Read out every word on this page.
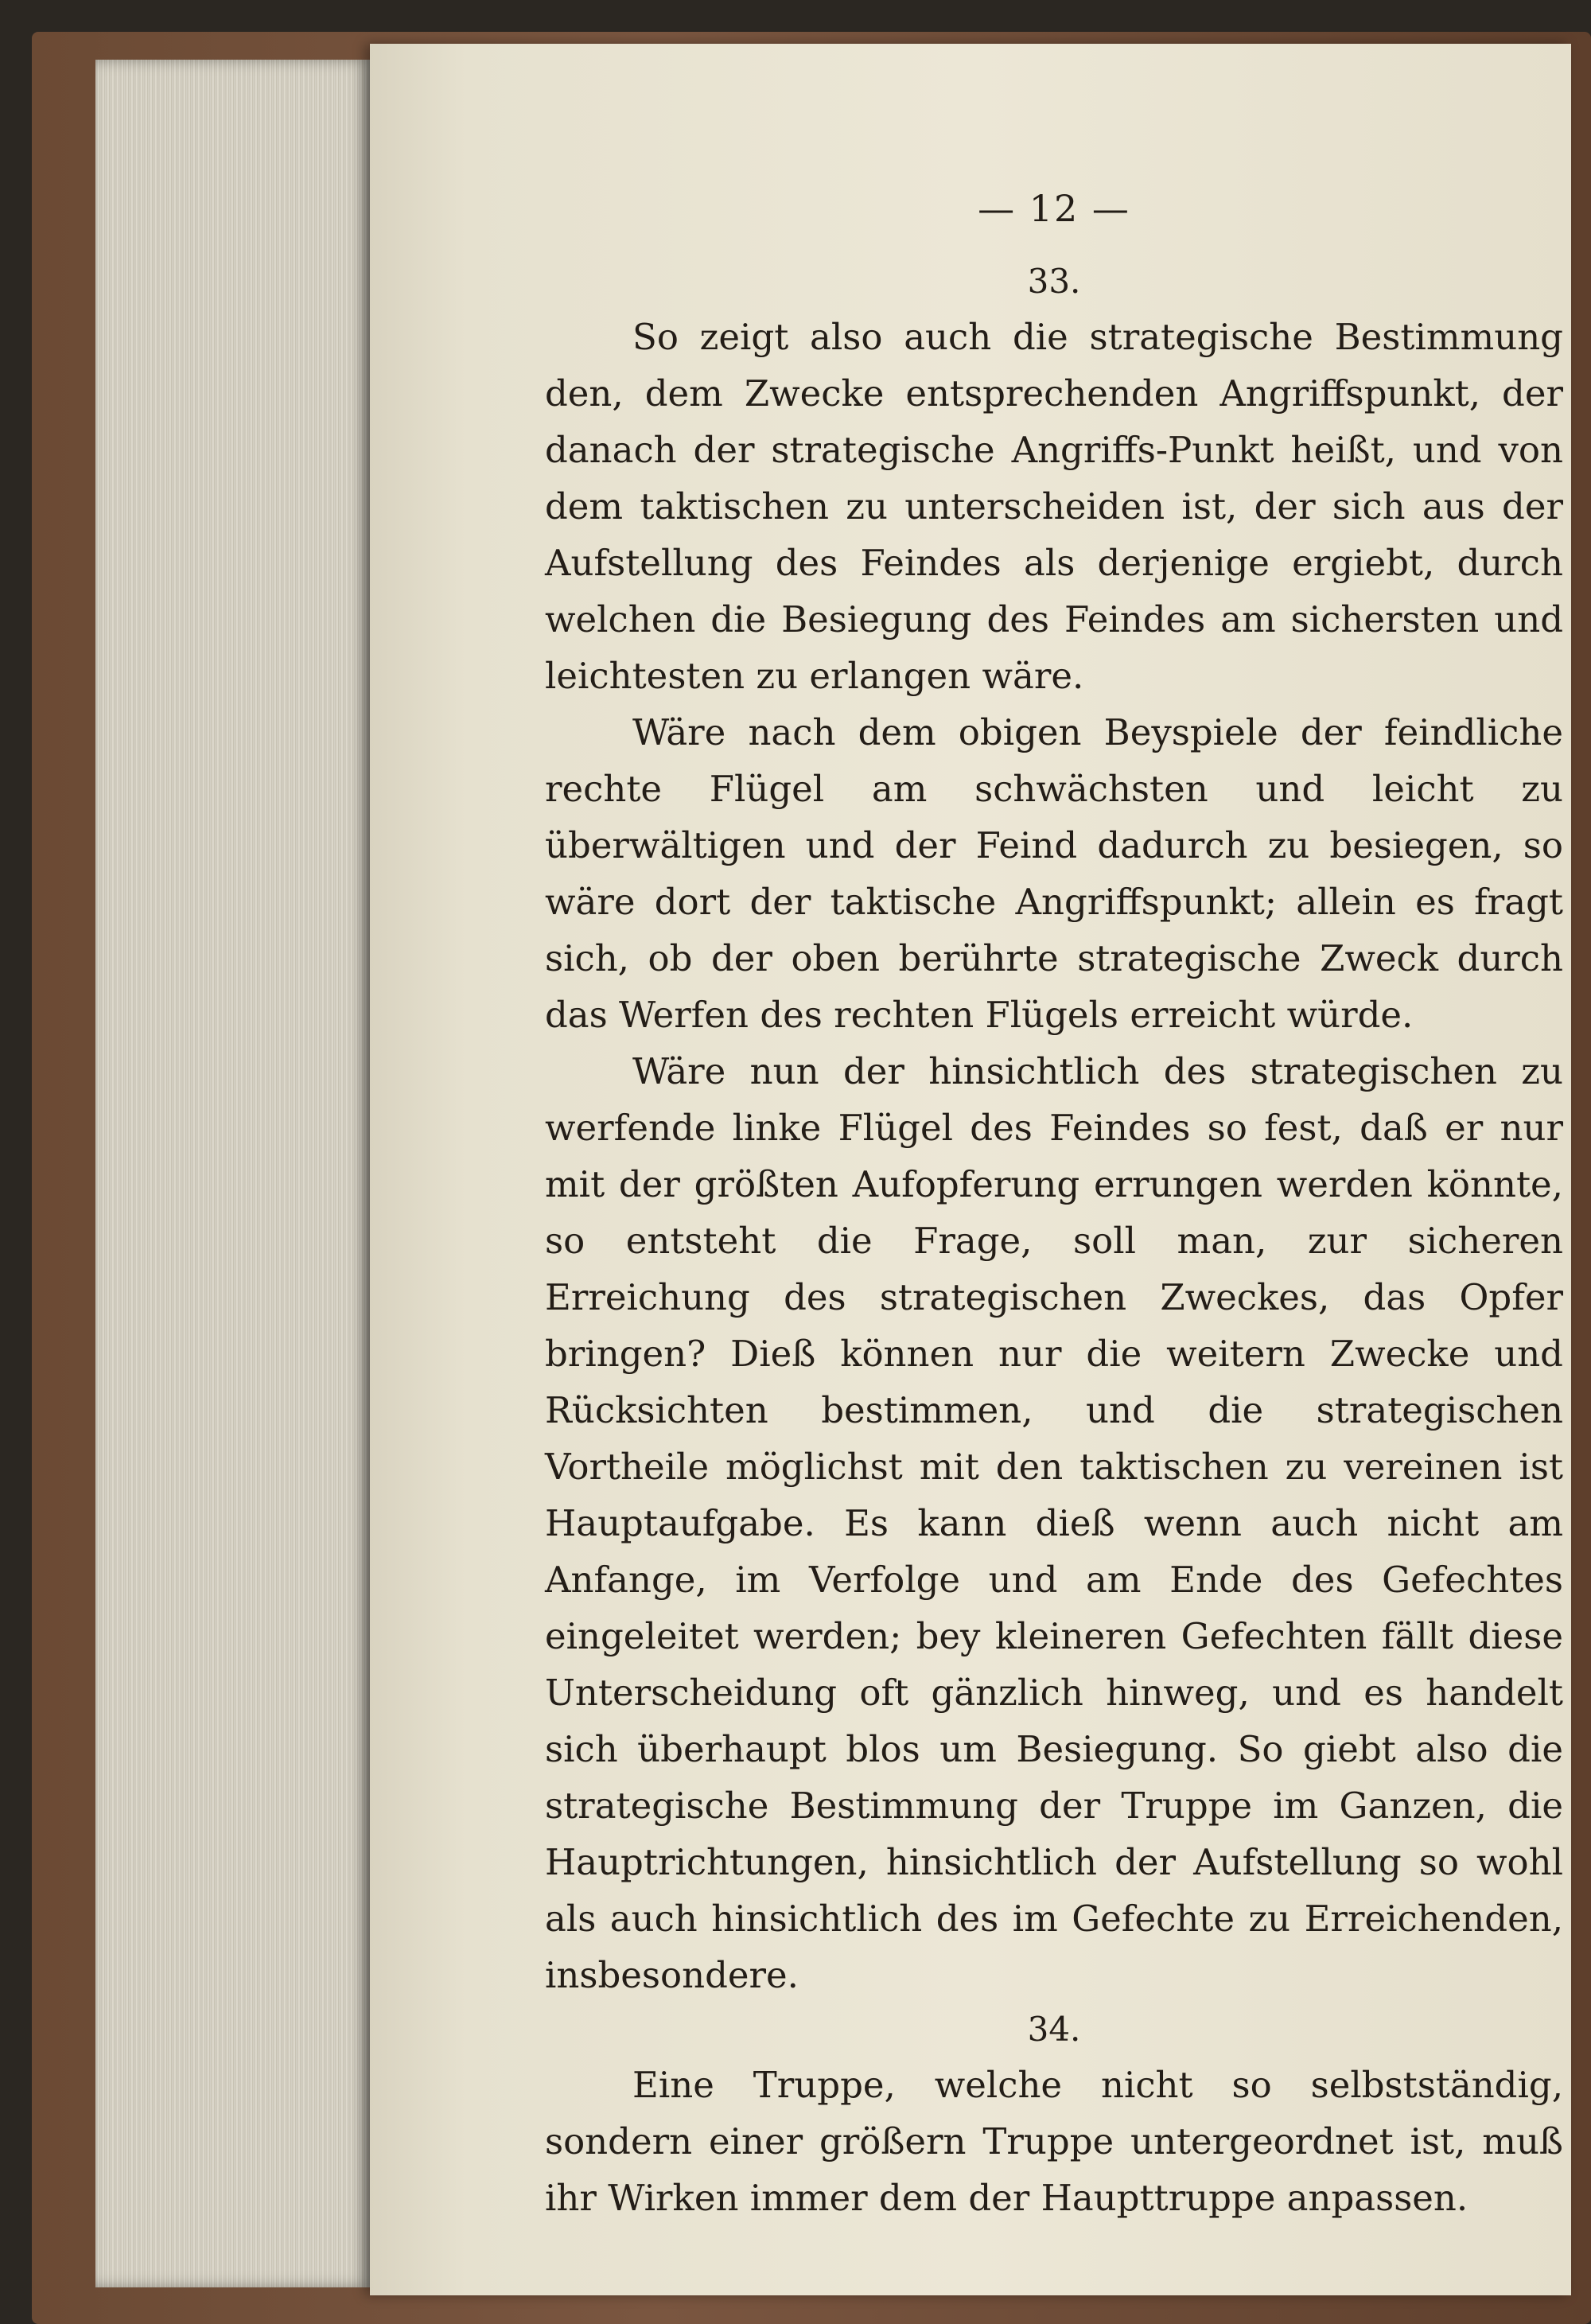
— 12 —
33.

So zeigt also auch die strategische Bestimmung den, dem Zwecke entsprechenden Angriffspunkt, der danach der strategische Angriffs-Punkt heißt, und von dem taktischen zu unterscheiden ist, der sich aus der Aufstellung des Feindes als derjenige ergiebt, durch welchen die Besiegung des Feindes am sichersten und leichtesten zu erlangen wäre.

Wäre nach dem obigen Beyspiele der feindliche rechte Flügel am schwächsten und leicht zu überwältigen und der Feind dadurch zu besiegen, so wäre dort der taktische Angriffspunkt; allein es fragt sich, ob der oben berührte strategische Zweck durch das Werfen des rechten Flügels erreicht würde.

Wäre nun der hinsichtlich des strategischen zu werfende linke Flügel des Feindes so fest, daß er nur mit der größten Aufopferung errungen werden könnte, so entsteht die Frage, soll man, zur sicheren Erreichung des strategischen Zweckes, das Opfer bringen? Dieß können nur die weitern Zwecke und Rücksichten bestimmen, und die strategischen Vortheile möglichst mit den taktischen zu vereinen ist Hauptaufgabe. Es kann dieß wenn auch nicht am Anfange, im Verfolge und am Ende des Gefechtes eingeleitet werden; bey kleineren Gefechten fällt diese Unterscheidung oft gänzlich hinweg, und es handelt sich überhaupt blos um Besiegung. So giebt also die strategische Bestimmung der Truppe im Ganzen, die Hauptrichtungen, hinsichtlich der Aufstellung so wohl als auch hinsichtlich des im Gefechte zu Erreichenden, insbesondere.

34.

Eine Truppe, welche nicht so selbstständig, sondern einer größern Truppe untergeordnet ist, muß ihr Wirken immer dem der Haupttruppe anpassen.
